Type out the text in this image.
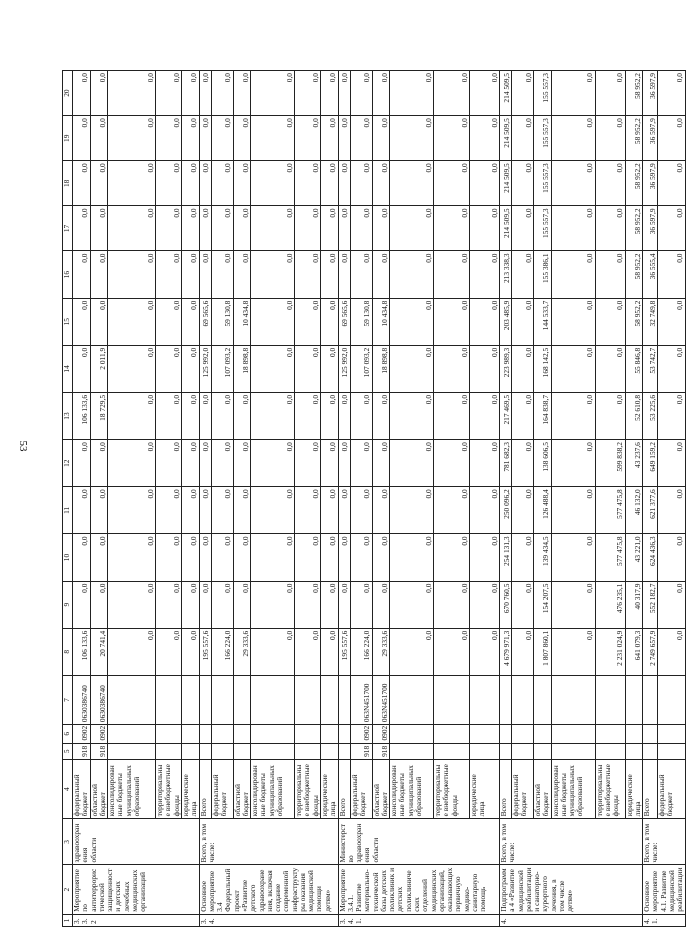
53
1	2	3	4	5	6	7	8	9	10	11	12	13	14	15	16	17	18	19	20
3.3.2	Мероприятие по антитеррористической защищенности детских лечебных медицинских организаций	здравоохранения области	федеральный бюджет	918	0902	0630386740	106 133,6	0,0	0,0	0,0	0,0	106 133,6	0,0	0,0	0,0	0,0	0,0	0,0	0,0
			областной бюджет	918	0902	0630386740	20 741,4	0,0	0,0	0,0	0,0	18 729,5	2 011,9	0,0	0,0	0,0	0,0	0,0	0,0
			консолидированные бюджеты муниципальных образований				0,0	0,0	0,0	0,0	0,0	0,0	0,0	0,0	0,0	0,0	0,0	0,0	0,0
			территориальные внебюджетные фонды				0,0	0,0	0,0	0,0	0,0	0,0	0,0	0,0	0,0	0,0	0,0	0,0	0,0
			юридические лица				0,0	0,0	0,0	0,0	0,0	0,0	0,0	0,0	0,0	0,0	0,0	0,0	0,0
3.4.	Основное мероприятие 3.4 Федеральный проект «Развитие детского здравоохранения, включая создание современной инфраструктуры оказания медицинской помощи детям»	Всего, в том числе:	Всего				195 557,6	0,0	0,0	0,0	0,0	0,0	125 992,0	69 565,6	0,0	0,0	0,0	0,0	0,0
			федеральный бюджет				166 224,0	0,0	0,0	0,0	0,0	0,0	107 093,2	59 130,8	0,0	0,0	0,0	0,0	0,0
			областной бюджет				29 333,6	0,0	0,0	0,0	0,0	0,0	18 898,8	10 434,8	0,0	0,0	0,0	0,0	0,0
			консолидированные бюджеты муниципальных образований				0,0	0,0	0,0	0,0	0,0	0,0	0,0	0,0	0,0	0,0	0,0	0,0	0,0
			территориальные внебюджетные фонды				0,0	0,0	0,0	0,0	0,0	0,0	0,0	0,0	0,0	0,0	0,0	0,0	0,0
			юридические лица				0,0	0,0	0,0	0,0	0,0	0,0	0,0	0,0	0,0	0,0	0,0	0,0	0,0
3.4.1.	Мероприятие 3.4.1. Развитие материально-технической базы детских поликлиник и детских поликлинических отделений медицинских организаций, оказывающих первичную медико-санитарную помощь	Министерство здравоохранения области	Всего				195 557,6	0,0	0,0	0,0	0,0	0,0	125 992,0	69 565,6	0,0	0,0	0,0	0,0	0,0
			федеральный бюджет	918	0902	063N451700	166 224,0	0,0	0,0	0,0	0,0	0,0	107 093,2	59 130,8	0,0	0,0	0,0	0,0	0,0
			областной бюджет	918	0902	063N451700	29 333,6	0,0	0,0	0,0	0,0	0,0	18 898,8	10 434,8	0,0	0,0	0,0	0,0	0,0
			консолидированные бюджеты муниципальных образований				0,0	0,0	0,0	0,0	0,0	0,0	0,0	0,0	0,0	0,0	0,0	0,0	0,0
			территориальные внебюджетные фонды				0,0	0,0	0,0	0,0	0,0	0,0	0,0	0,0	0,0	0,0	0,0	0,0	0,0
			юридические лица				0,0	0,0	0,0	0,0	0,0	0,0	0,0	0,0	0,0	0,0	0,0	0,0	0,0
4.	Подпрограмма 4 «Развитие медицинской реабилитации и санаторно-курортного лечения, в том числе детям»	Всего, в том числе:	Всего				4 679 971,3	670 760,5	254 131,3	250 096,2	781 682,3	217 469,5	223 989,3	203 485,9	213 338,3	214 509,5	214 509,5	214 509,5	214 509,5
			федеральный бюджет				0,0	0,0	0,0	0,0	0,0	0,0	0,0	0,0	0,0	0,0	0,0	0,0	0,0
			областной бюджет				1 807 860,1	154 207,5	139 434,5	126 488,4	138 606,5	164 838,7	168 142,5	144 533,7	155 386,1	155 557,3	155 557,3	155 557,3	155 557,3
			консолидированные бюджеты муниципальных образований				0,0	0,0	0,0	0,0	0,0	0,0	0,0	0,0	0,0	0,0	0,0	0,0	0,0
			территориальные внебюджетные фонды				2 231 024,9	476 235,1	577 475,8	577 475,8	599 838,2	0,0	0,0	0,0	0,0	0,0	0,0	0,0	0,0
			юридические лица				641 079,3	40 317,9	43 221,0	46 132,0	43 237,6	52 610,8	55 846,8	58 952,2	58 952,2	58 952,2	58 952,2	58 952,2	58 952,2
4.1.	Основное мероприятие 4.1. Развитие медицинской реабилитации	Всего, в том числе:	Всего				2 749 657,9	552 182,7	624 436,3	621 377,6	649 159,2	53 225,6	53 742,7	32 749,8	36 555,4	36 597,9	36 597,9	36 597,9	36 597,9
			федеральный бюджет				0,0	0,0	0,0	0,0	0,0	0,0	0,0	0,0	0,0	0,0	0,0	0,0	0,0
